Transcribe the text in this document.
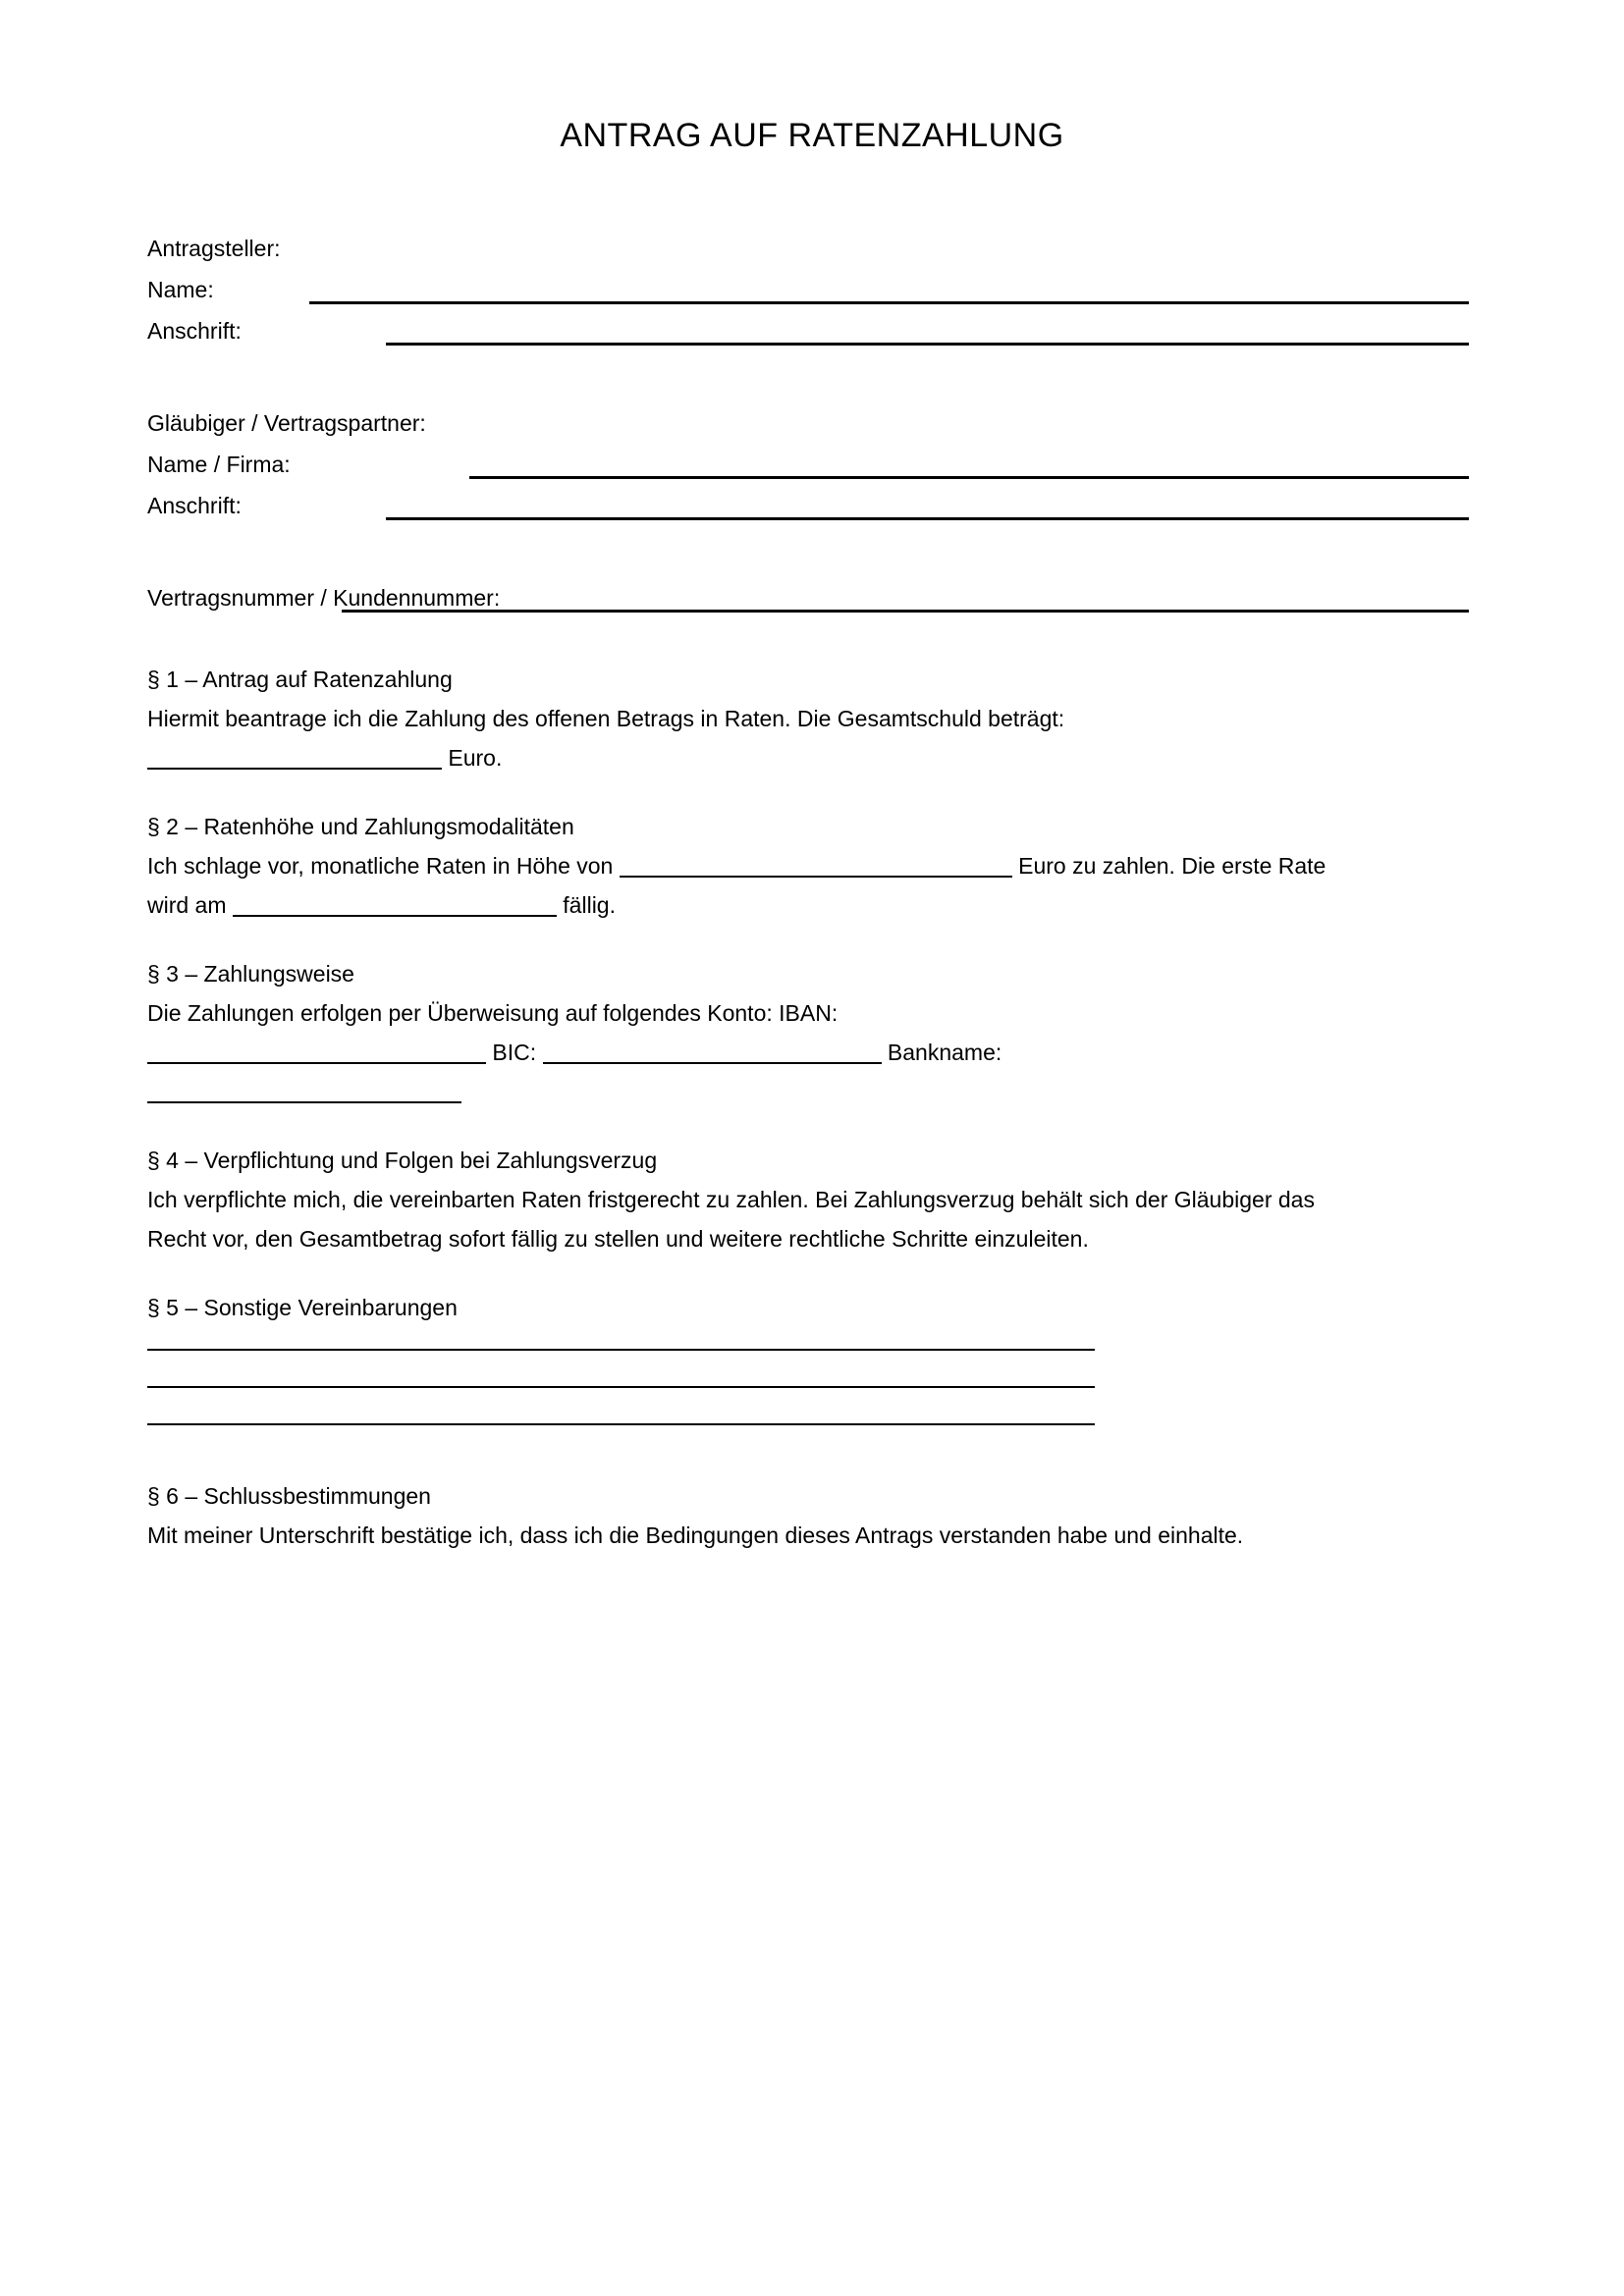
ANTRAG AUF RATENZAHLUNG
Antragsteller:
Name:
Anschrift:
Gläubiger / Vertragspartner:
Name / Firma:
Anschrift:
Vertragsnummer / Kundennummer:
§ 1 – Antrag auf Ratenzahlung
Hiermit beantrage ich die Zahlung des offenen Betrags in Raten. Die Gesamtschuld beträgt:
Euro.
§ 2 – Ratenhöhe und Zahlungsmodalitäten
Ich schlage vor, monatliche Raten in Höhe von	Euro zu zahlen. Die erste Rate wird am	fällig.
§ 3 – Zahlungsweise
Die Zahlungen erfolgen per Überweisung auf folgendes Konto: IBAN:
BIC:	Bankname:

§ 4 – Verpflichtung und Folgen bei Zahlungsverzug
Ich verpflichte mich, die vereinbarten Raten fristgerecht zu zahlen. Bei Zahlungsverzug behält sich der Gläubiger das Recht vor, den Gesamtbetrag sofort fällig zu stellen und weitere rechtliche Schritte einzuleiten.
§ 5 – Sonstige Vereinbarungen
§ 6 – Schlussbestimmungen
Mit meiner Unterschrift bestätige ich, dass ich die Bedingungen dieses Antrags verstanden habe und einhalte.
